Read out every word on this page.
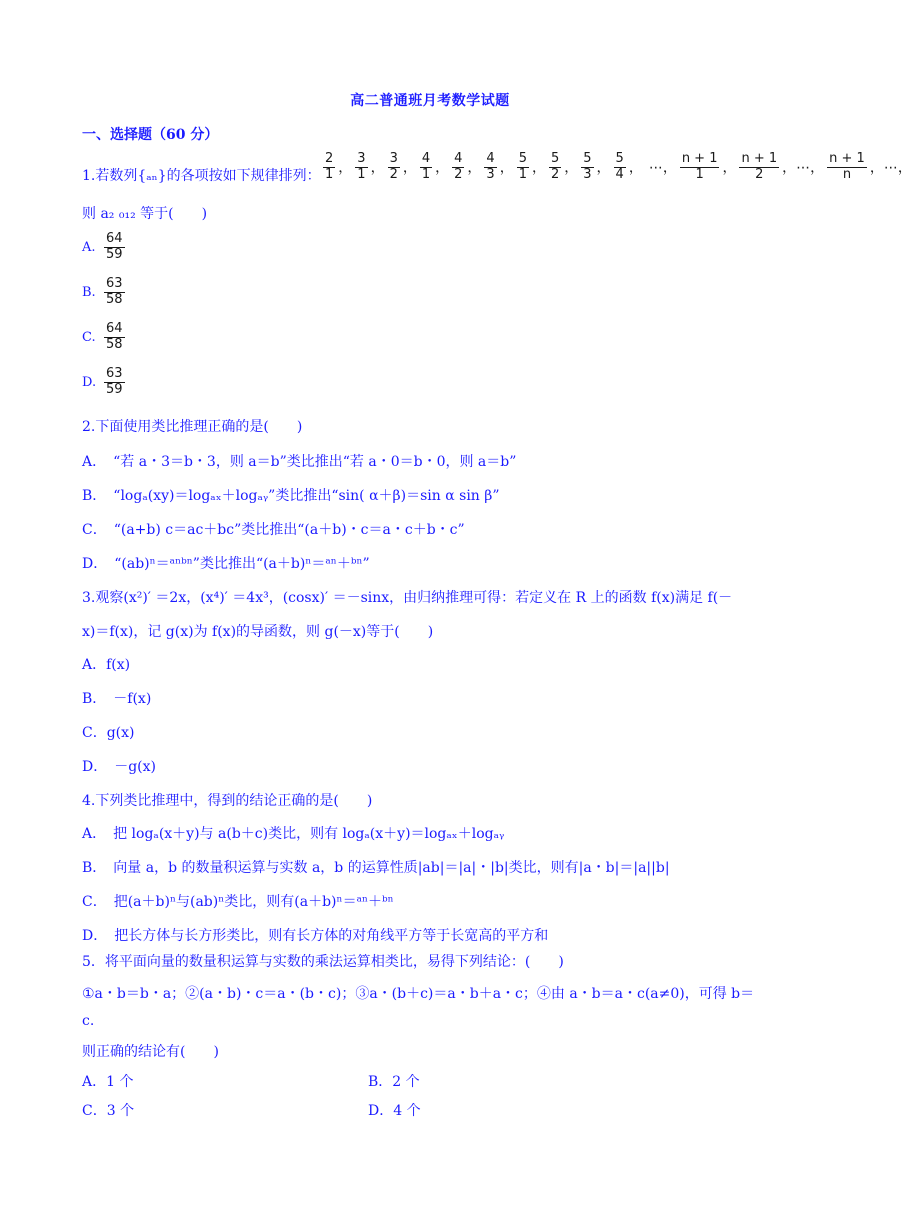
高二普通班月考数学试题
一、选择题（60 分）
1.若数列{ₐₙ}的各项按如下规律排列： $\frac{2}{1}$ ， $\frac{3}{1}$ ， $\frac{3}{2}$ ， $\frac{4}{1}$ ， $\frac{4}{2}$ ， $\frac{4}{3}$ ， $\frac{5}{1}$ ， $\frac{5}{2}$ ， $\frac{5}{3}$ ， $\frac{5}{4}$ ， ⋯， $\frac{n + 1}{1}$ ， $\frac{n + 1}{2}$ ，⋯， $\frac{n + 1}{n}$ ，⋯，
则 a₂ ₀₁₂ 等于(　　)
A. $\frac{64}{59}$
B. $\frac{63}{58}$
C. $\frac{64}{58}$
D. $\frac{63}{59}$
2.下面使用类比推理正确的是(　　)
A．　“若 a・3＝b・3，则 a＝b”类比推出“若 a・0＝b・0，则 a＝b”
B．　“logₐ(xy)＝logₐₓ＋logₐᵧ”类比推出“sin( α＋β)＝sin α sin β”
C．　“(a+b) c＝ac＋bc”类比推出“(a＋b)・c＝a・c＋b・c”
D．　“(ab)ⁿ＝ᵃⁿᵇⁿ”类比推出“(a＋b)ⁿ＝ᵃⁿ＋ᵇⁿ”
3.观察(x²)′ ＝2x，(x⁴)′ ＝4x³，(cosx)′ ＝－sinx，由归纳推理可得：若定义在 R 上的函数 f(x)满足 f(－
x)＝f(x)，记 g(x)为 f(x)的导函数，则 g(－x)等于(　　)
A．f(x)
B．　－f(x)
C．g(x)
D．　－g(x)
4.下列类比推理中，得到的结论正确的是(　　)
A．　把 logₐ(x＋y)与 a(b＋c)类比，则有 logₐ(x＋y)＝logₐₓ＋logₐᵧ
B．　向量 a，b 的数量积运算与实数 a，b 的运算性质|ab|＝|a|・|b|类比，则有|a・b|＝|a||b|
C．　把(a＋b)ⁿ与(ab)ⁿ类比，则有(a＋b)ⁿ＝ᵃⁿ＋ᵇⁿ
D．　把长方体与长方形类比，则有长方体的对角线平方等于长宽高的平方和
5．将平面向量的数量积运算与实数的乘法运算相类比，易得下列结论：(　　)
①a・b＝b・a；②(a・b)・c＝a・(b・c)；③a・(b＋c)＝a・b＋a・c；④由 a・b＝a・c(a≠0)，可得 b＝
c.
则正确的结论有(　　)
A．1 个	B．2 个
C．3 个	D．4 个
